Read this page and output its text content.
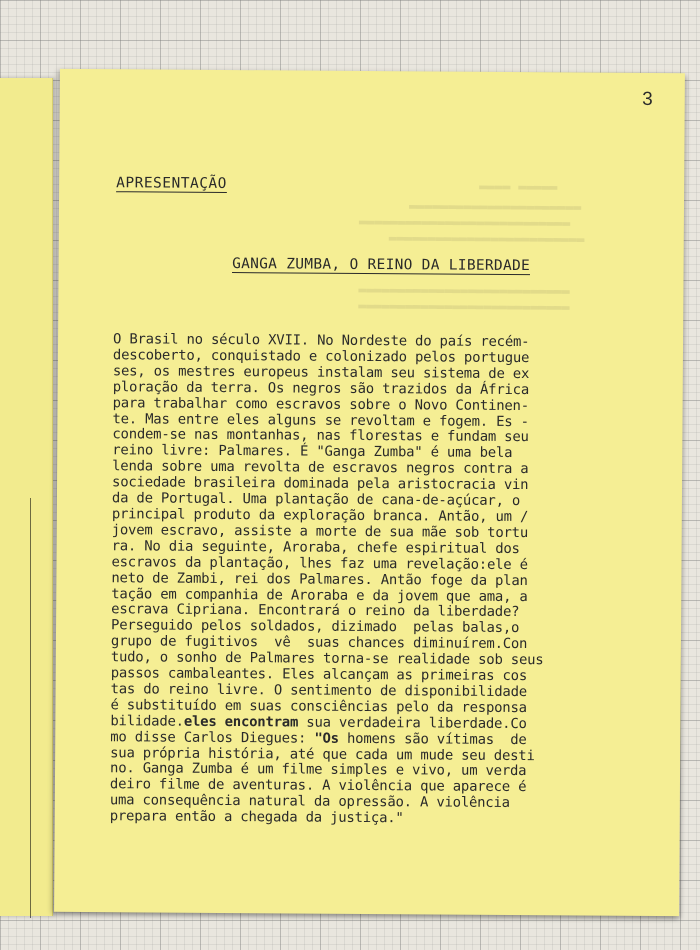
3
▬▬▬▬ ▬▬▬▬▬
▬▬▬▬▬▬▬▬▬▬▬▬▬▬▬▬▬▬▬▬▬▬
▬▬▬▬▬▬▬▬▬▬▬▬▬▬▬▬▬▬▬▬▬▬▬▬▬▬▬
▬▬▬▬▬▬▬▬▬▬▬▬▬▬▬▬▬▬▬▬▬▬▬▬▬
▬▬▬▬▬▬▬▬▬▬▬▬▬▬▬▬▬▬▬▬▬▬▬▬▬▬▬
▬▬▬▬▬▬▬▬▬▬▬▬▬▬▬▬▬▬▬▬▬▬▬▬▬▬▬
APRESENTAÇÃO
GANGA ZUMBA, O REINO DA LIBERDADE

O Brasil no século XVII. No Nordeste do país recém-
descoberto, conquistado e colonizado pelos portugue
ses, os mestres europeus instalam seu sistema de ex
ploração da terra. Os negros são trazidos da África
para trabalhar como escravos sobre o Novo Continen-
te. Mas entre eles alguns se revoltam e fogem. Es -
condem-se nas montanhas, nas florestas e fundam seu
reino livre: Palmares. É "Ganga Zumba" é uma bela
lenda sobre uma revolta de escravos negros contra a
sociedade brasileira dominada pela aristocracia vin
da de Portugal. Uma plantação de cana-de-açúcar, o
principal produto da exploração branca. Antão, um /
jovem escravo, assiste a morte de sua mãe sob tortu
ra. No dia seguinte, Aroraba, chefe espiritual dos
escravos da plantação, lhes faz uma revelação:ele é
neto de Zambi, rei dos Palmares. Antão foge da plan
tação em companhia de Aroraba e da jovem que ama, a
escrava Cipriana. Encontrará o reino da liberdade?
Perseguido pelos soldados, dizimado  pelas balas,o
grupo de fugitivos  vê  suas chances diminuírem.Con
tudo, o sonho de Palmares torna-se realidade sob seus
passos cambaleantes. Eles alcançam as primeiras cos
tas do reino livre. O sentimento de disponibilidade
é substituído em suas consciências pelo da responsa
bilidade.eles encontram sua verdadeira liberdade.Co
mo disse Carlos Diegues: "Os homens são vítimas  de
sua própria história, até que cada um mude seu desti
no. Ganga Zumba é um filme simples e vivo, um verda
deiro filme de aventuras. A violência que aparece é
uma consequência natural da opressão. A violência
prepara então a chegada da justiça."
